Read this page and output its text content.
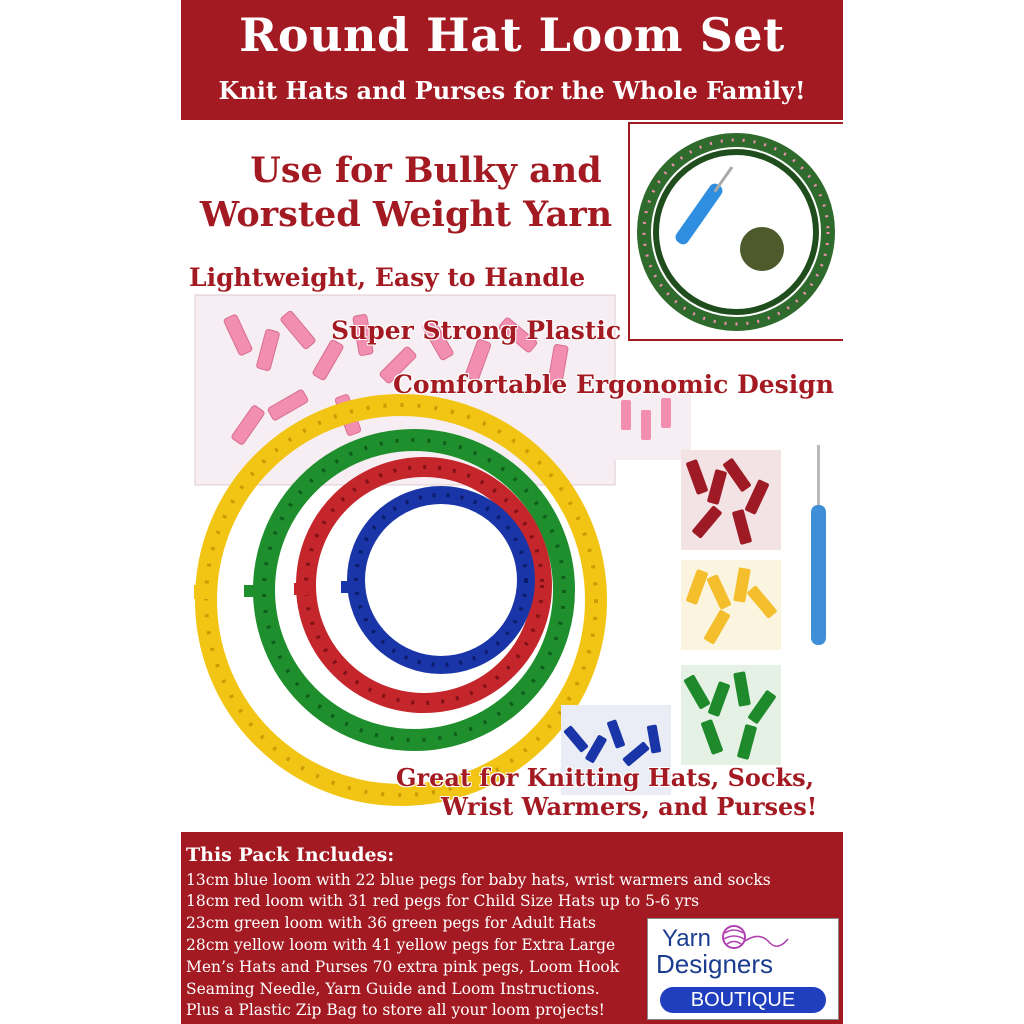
Round Hat Loom Set
Knit Hats and Purses for the Whole Family!
Use for Bulky and
Worsted Weight Yarn
Lightweight, Easy to Handle
Super Strong Plastic
Comfortable Ergonomic Design
Great for Knitting Hats, Socks,
Wrist Warmers, and Purses!
This Pack Includes:
13cm blue loom with 22 blue pegs for baby hats, wrist warmers and socks
18cm red loom with 31 red pegs for Child Size Hats up to 5-6 yrs
23cm green loom with 36 green pegs for Adult Hats
28cm yellow loom with 41 yellow pegs for Extra Large
Men’s Hats and Purses 70 extra pink pegs, Loom Hook
Seaming Needle, Yarn Guide and Loom Instructions.
Plus a Plastic Zip Bag to store all your loom projects!
Yarn
Designers
BOUTIQUE
